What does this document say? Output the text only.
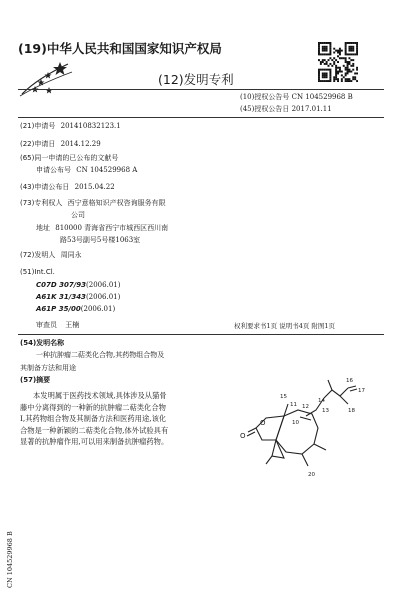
(19)中华人民共和国国家知识产权局
(12)发明专利
(10)授权公告号 CN 104529968 B
(45)授权公告日 2017.01.11
(21)申请号 201410832123.1
(22)申请日 2014.12.29
(65)同一申请的已公布的文献号
申请公布号 CN 104529968 A
(43)申请公布日 2015.04.22
(73)专利权人 西宁意格知识产权咨询服务有限
公司
地址 810000 青海省西宁市城西区西川南
路53号副号5号楼1063室
(72)发明人 周同永
(51)Int.Cl.
C07D 307/93(2006.01)
A61K 31/343(2006.01)
A61P 35/00(2006.01)
审查员 王楠	权利要求书1页 说明书4页 附图1页
(54)发明名称
一种抗肿瘤二萜类化合物,其药物组合物及
其制备方法和用途
(57)摘要
本发明属于医药技术领域,具体涉及从猫骨
藤中分离得到的一种新的抗肿瘤二萜类化合物
I,其药物组合物及其制备方法和医药用途,该化
合物是一种新颖的二萜类化合物,体外试验具有
显著的抗肿瘤作用,可以用来制备抗肿瘤药物。
16
17
18
14
13
12
11
10
15
O
O
20
CN 104529968 B
